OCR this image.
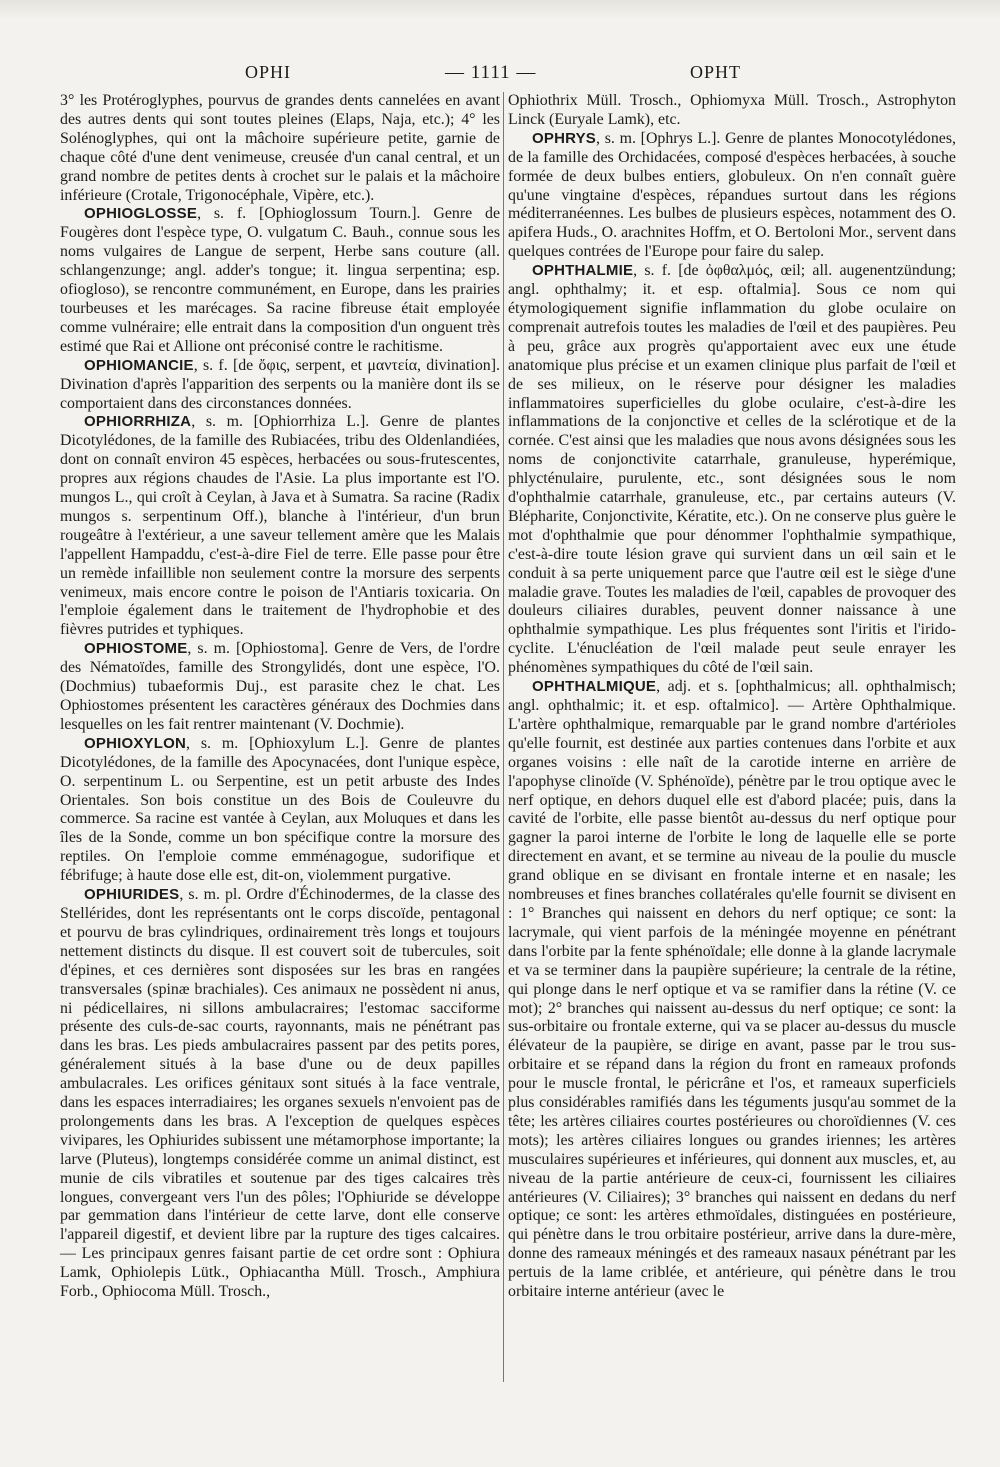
OPHI	— 1111 —	OPHT

3° les Protéroglyphes, pourvus de grandes dents cannelées en avant des autres dents qui sont toutes pleines (Elaps, Naja, etc.); 4° les Solénoglyphes, qui ont la mâchoire supérieure petite, garnie de chaque côté d'une dent venimeuse, creusée d'un canal central, et un grand nombre de petites dents à crochet sur le palais et la mâchoire inférieure (Crotale, Trigonocéphale, Vipère, etc.).

OPHIOGLOSSE, s. f. [Ophioglossum Tourn.]. Genre de Fougères dont l'espèce type, O. vulgatum C. Bauh., connue sous les noms vulgaires de Langue de serpent, Herbe sans couture (all. schlangenzunge; angl. adder's tongue; it. lingua serpentina; esp. ofiogloso), se rencontre communément, en Europe, dans les prairies tourbeuses et les marécages. Sa racine fibreuse était employée comme vulnéraire; elle entrait dans la composition d'un onguent très estimé que Rai et Allione ont préconisé contre le rachitisme.

OPHIOMANCIE, s. f. [de ὄφις, serpent, et μαντεία, divination]. Divination d'après l'apparition des serpents ou la manière dont ils se comportaient dans des circonstances données.

OPHIORRHIZA, s. m. [Ophiorrhiza L.]. Genre de plantes Dicotylédones, de la famille des Rubiacées, tribu des Oldenlandiées, dont on connaît environ 45 espèces, herbacées ou sous-frutescentes, propres aux régions chaudes de l'Asie. La plus importante est l'O. mungos L., qui croît à Ceylan, à Java et à Sumatra. Sa racine (Radix mungos s. serpentinum Off.), blanche à l'intérieur, d'un brun rougeâtre à l'extérieur, a une saveur tellement amère que les Malais l'appellent Hampaddu, c'est-à-dire Fiel de terre. Elle passe pour être un remède infaillible non seulement contre la morsure des serpents venimeux, mais encore contre le poison de l'Antiaris toxicaria. On l'emploie également dans le traitement de l'hydrophobie et des fièvres putrides et typhiques.

OPHIOSTOME, s. m. [Ophiostoma]. Genre de Vers, de l'ordre des Nématoïdes, famille des Strongylidés, dont une espèce, l'O. (Dochmius) tubaeformis Duj., est parasite chez le chat. Les Ophiostomes présentent les caractères généraux des Dochmies dans lesquelles on les fait rentrer maintenant (V. Dochmie).

OPHIOXYLON, s. m. [Ophioxylum L.]. Genre de plantes Dicotylédones, de la famille des Apocynacées, dont l'unique espèce, O. serpentinum L. ou Serpentine, est un petit arbuste des Indes Orientales. Son bois constitue un des Bois de Couleuvre du commerce. Sa racine est vantée à Ceylan, aux Moluques et dans les îles de la Sonde, comme un bon spécifique contre la morsure des reptiles. On l'emploie comme emménagogue, sudorifique et fébrifuge; à haute dose elle est, dit-on, violemment purgative.

OPHIURIDES, s. m. pl. Ordre d'Échinodermes, de la classe des Stellérides, dont les représentants ont le corps discoïde, pentagonal et pourvu de bras cylindriques, ordinairement très longs et toujours nettement distincts du disque. Il est couvert soit de tubercules, soit d'épines, et ces dernières sont disposées sur les bras en rangées transversales (spinæ brachiales). Ces animaux ne possèdent ni anus, ni pédicellaires, ni sillons ambulacraires; l'estomac sacciforme présente des culs-de-sac courts, rayonnants, mais ne pénétrant pas dans les bras. Les pieds ambulacraires passent par des petits pores, généralement situés à la base d'une ou de deux papilles ambulacrales. Les orifices génitaux sont situés à la face ventrale, dans les espaces interradiaires; les organes sexuels n'envoient pas de prolongements dans les bras. A l'exception de quelques espèces vivipares, les Ophiurides subissent une métamorphose importante; la larve (Pluteus), longtemps considérée comme un animal distinct, est munie de cils vibratiles et soutenue par des tiges calcaires très longues, convergeant vers l'un des pôles; l'Ophiuride se développe par gemmation dans l'intérieur de cette larve, dont elle conserve l'appareil digestif, et devient libre par la rupture des tiges calcaires. — Les principaux genres faisant partie de cet ordre sont : Ophiura Lamk, Ophiolepis Lütk., Ophiacantha Müll. Trosch., Amphiura Forb., Ophiocoma Müll. Trosch.,

Ophiothrix Müll. Trosch., Ophiomyxa Müll. Trosch., Astrophyton Linck (Euryale Lamk), etc.

OPHRYS, s. m. [Ophrys L.]. Genre de plantes Monocotylédones, de la famille des Orchidacées, composé d'espèces herbacées, à souche formée de deux bulbes entiers, globuleux. On n'en connaît guère qu'une vingtaine d'espèces, répandues surtout dans les régions méditerranéennes. Les bulbes de plusieurs espèces, notamment des O. apifera Huds., O. arachnites Hoffm, et O. Bertoloni Mor., servent dans quelques contrées de l'Europe pour faire du salep.

OPHTHALMIE, s. f. [de ὀφθαλμός, œil; all. augenentzündung; angl. ophthalmy; it. et esp. oftalmia]. Sous ce nom qui étymologiquement signifie inflammation du globe oculaire on comprenait autrefois toutes les maladies de l'œil et des paupières. Peu à peu, grâce aux progrès qu'apportaient avec eux une étude anatomique plus précise et un examen clinique plus parfait de l'œil et de ses milieux, on le réserve pour désigner les maladies inflammatoires superficielles du globe oculaire, c'est-à-dire les inflammations de la conjonctive et celles de la sclérotique et de la cornée. C'est ainsi que les maladies que nous avons désignées sous les noms de conjonctivite catarrhale, granuleuse, hyperémique, phlycténulaire, purulente, etc., sont désignées sous le nom d'ophthalmie catarrhale, granuleuse, etc., par certains auteurs (V. Blépharite, Conjonctivite, Kératite, etc.). On ne conserve plus guère le mot d'ophthalmie que pour dénommer l'ophthalmie sympathique, c'est-à-dire toute lésion grave qui survient dans un œil sain et le conduit à sa perte uniquement parce que l'autre œil est le siège d'une maladie grave. Toutes les maladies de l'œil, capables de provoquer des douleurs ciliaires durables, peuvent donner naissance à une ophthalmie sympathique. Les plus fréquentes sont l'iritis et l'irido-cyclite. L'énucléation de l'œil malade peut seule enrayer les phénomènes sympathiques du côté de l'œil sain.

OPHTHALMIQUE, adj. et s. [ophthalmicus; all. ophthalmisch; angl. ophthalmic; it. et esp. oftalmico]. — Artère Ophthalmique. L'artère ophthalmique, remarquable par le grand nombre d'artérioles qu'elle fournit, est destinée aux parties contenues dans l'orbite et aux organes voisins : elle naît de la carotide interne en arrière de l'apophyse clinoïde (V. Sphénoïde), pénètre par le trou optique avec le nerf optique, en dehors duquel elle est d'abord placée; puis, dans la cavité de l'orbite, elle passe bientôt au-dessus du nerf optique pour gagner la paroi interne de l'orbite le long de laquelle elle se porte directement en avant, et se termine au niveau de la poulie du muscle grand oblique en se divisant en frontale interne et en nasale; les nombreuses et fines branches collatérales qu'elle fournit se divisent en : 1° Branches qui naissent en dehors du nerf optique; ce sont: la lacrymale, qui vient parfois de la méningée moyenne en pénétrant dans l'orbite par la fente sphénoïdale; elle donne à la glande lacrymale et va se terminer dans la paupière supérieure; la centrale de la rétine, qui plonge dans le nerf optique et va se ramifier dans la rétine (V. ce mot); 2° branches qui naissent au-dessus du nerf optique; ce sont: la sus-orbitaire ou frontale externe, qui va se placer au-dessus du muscle élévateur de la paupière, se dirige en avant, passe par le trou sus-orbitaire et se répand dans la région du front en rameaux profonds pour le muscle frontal, le péricrâne et l'os, et rameaux superficiels plus considérables ramifiés dans les téguments jusqu'au sommet de la tête; les artères ciliaires courtes postérieures ou choroïdiennes (V. ces mots); les artères ciliaires longues ou grandes iriennes; les artères musculaires supérieures et inférieures, qui donnent aux muscles, et, au niveau de la partie antérieure de ceux-ci, fournissent les ciliaires antérieures (V. Ciliaires); 3° branches qui naissent en dedans du nerf optique; ce sont: les artères ethmoïdales, distinguées en postérieure, qui pénètre dans le trou orbitaire postérieur, arrive dans la dure-mère, donne des rameaux méningés et des rameaux nasaux pénétrant par les pertuis de la lame criblée, et antérieure, qui pénètre dans le trou orbitaire interne antérieur (avec le
